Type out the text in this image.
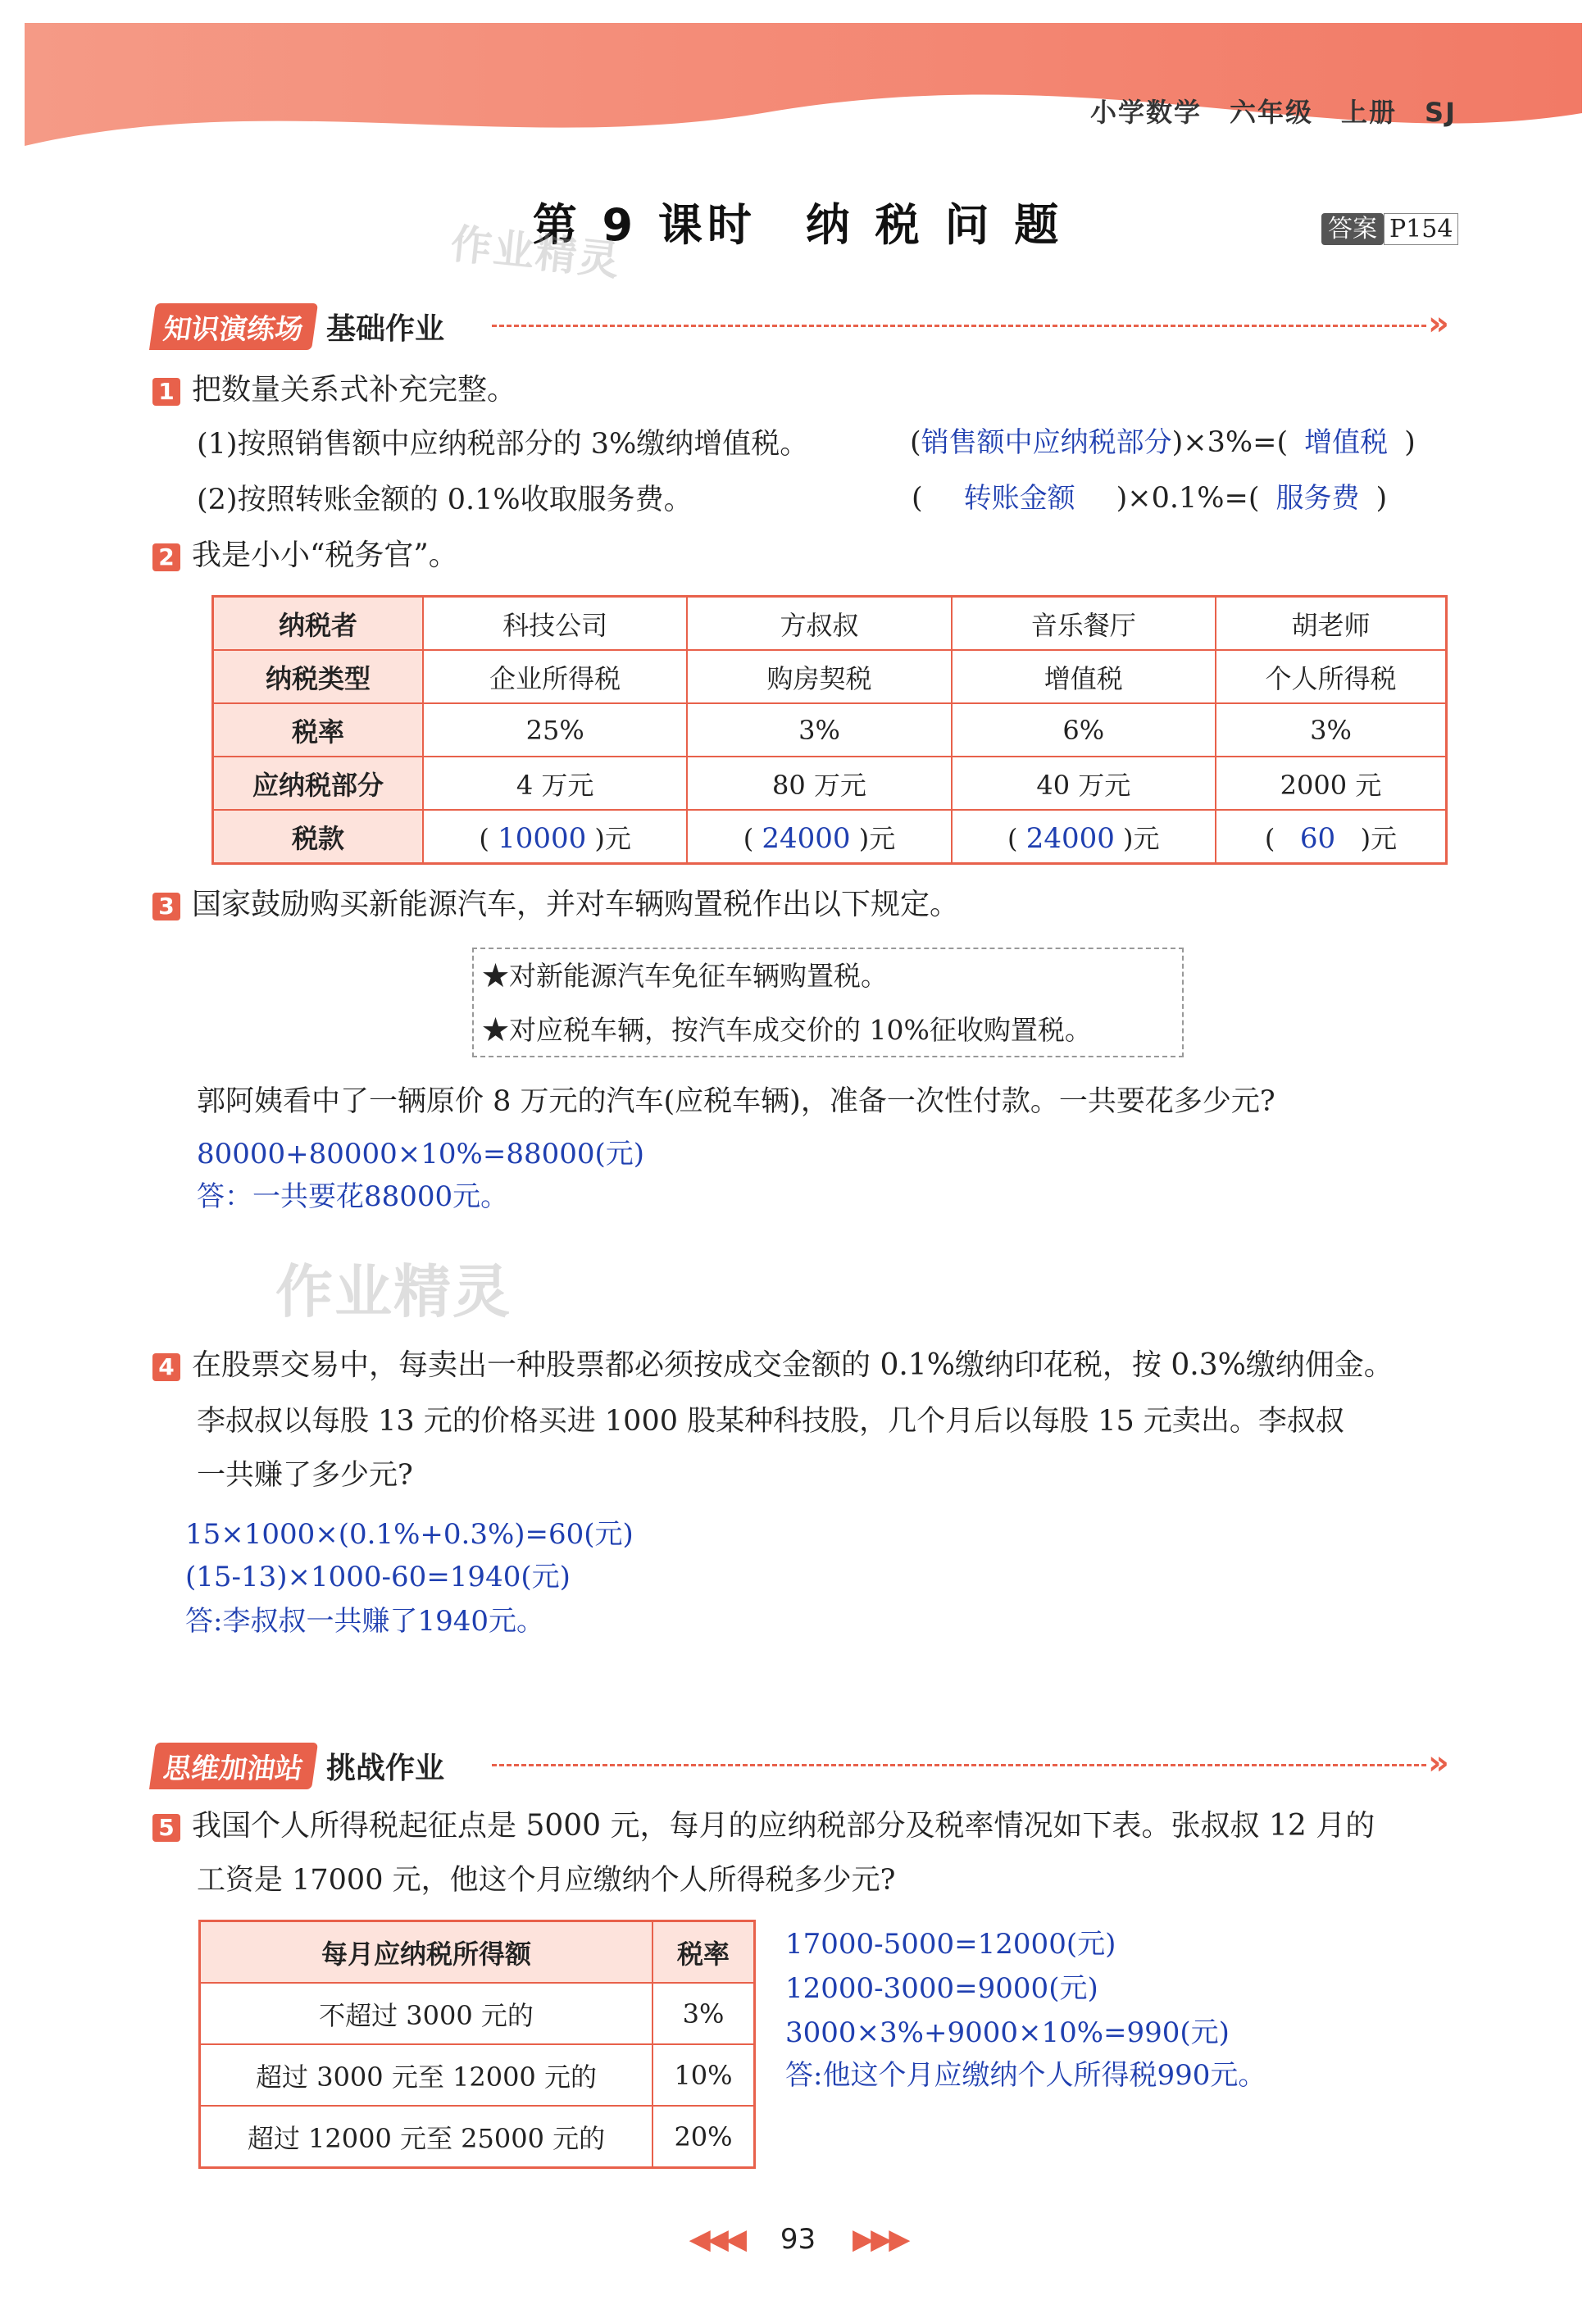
小学数学 六年级 上册 SJ
第 9 课时　纳 税 问 题	答案 P154
作业精灵
知识演练场 基础作业	»
1 把数量关系式补充完整。
(1)按照销售额中应纳税部分的 3%缴纳增值税。	(销售额中应纳税部分)×3%=( 增值税 )
(2)按照转账金额的 0.1%收取服务费。	( 转账金额 )×0.1%=( 服务费 )
2 我是小小“税务官”。
纳税者	科技公司	方叔叔	音乐餐厅	胡老师
纳税类型	企业所得税	购房契税	增值税	个人所得税
税率	25%	3%	6%	3%
应纳税部分	4 万元	80 万元	40 万元	2000 元
税款	( 10000 )元	( 24000 )元	( 24000 )元	(   60   )元
3 国家鼓励购买新能源汽车，并对车辆购置税作出以下规定。
★对新能源汽车免征车辆购置税。
★对应税车辆，按汽车成交价的 10%征收购置税。
郭阿姨看中了一辆原价 8 万元的汽车(应税车辆)，准备一次性付款。一共要花多少元?
80000+80000×10%=88000(元)
答：一共要花88000元。
作业精灵
4 在股票交易中，每卖出一种股票都必须按成交金额的 0.1%缴纳印花税，按 0.3%缴纳佣金。
李叔叔以每股 13 元的价格买进 1000 股某种科技股，几个月后以每股 15 元卖出。李叔叔
一共赚了多少元?
15×1000×(0.1%+0.3%)=60(元)
(15-13)×1000-60=1940(元)
答:李叔叔一共赚了1940元。
思维加油站 挑战作业	»
5 我国个人所得税起征点是 5000 元，每月的应纳税部分及税率情况如下表。张叔叔 12 月的
工资是 17000 元，他这个月应缴纳个人所得税多少元?
每月应纳税所得额	税率
不超过 3000 元的	3%
超过 3000 元至 12000 元的	10%
超过 12000 元至 25000 元的	20%
17000-5000=12000(元)
12000-3000=9000(元)
3000×3%+9000×10%=990(元)
答:他这个月应缴纳个人所得税990元。
◀◀◀ 93 ▶▶▶
